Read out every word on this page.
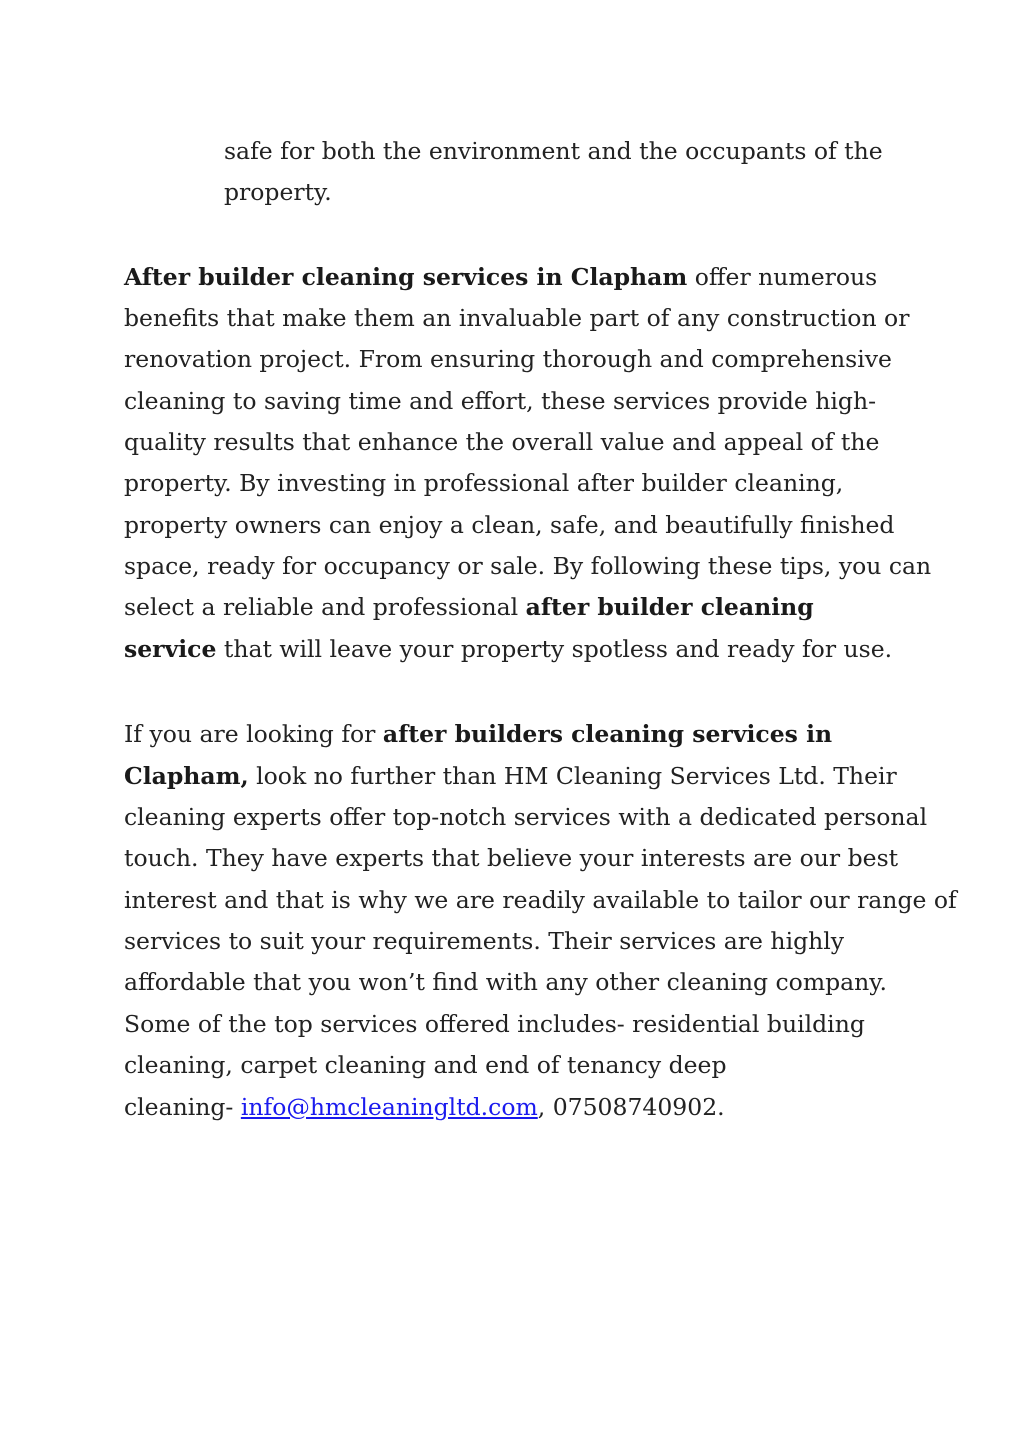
safe for both the environment and the occupants of the
property.
After builder cleaning services in Clapham offer numerous
benefits that make them an invaluable part of any construction or
renovation project. From ensuring thorough and comprehensive
cleaning to saving time and effort, these services provide high-
quality results that enhance the overall value and appeal of the
property. By investing in professional after builder cleaning,
property owners can enjoy a clean, safe, and beautifully finished
space, ready for occupancy or sale. By following these tips, you can
select a reliable and professional after builder cleaning
service that will leave your property spotless and ready for use.
If you are looking for after builders cleaning services in
Clapham, look no further than HM Cleaning Services Ltd. Their
cleaning experts offer top-notch services with a dedicated personal
touch. They have experts that believe your interests are our best
interest and that is why we are readily available to tailor our range of
services to suit your requirements. Their services are highly
affordable that you won’t find with any other cleaning company.
Some of the top services offered includes- residential building
cleaning, carpet cleaning and end of tenancy deep
cleaning- info@hmcleaningltd.com, 07508740902.
